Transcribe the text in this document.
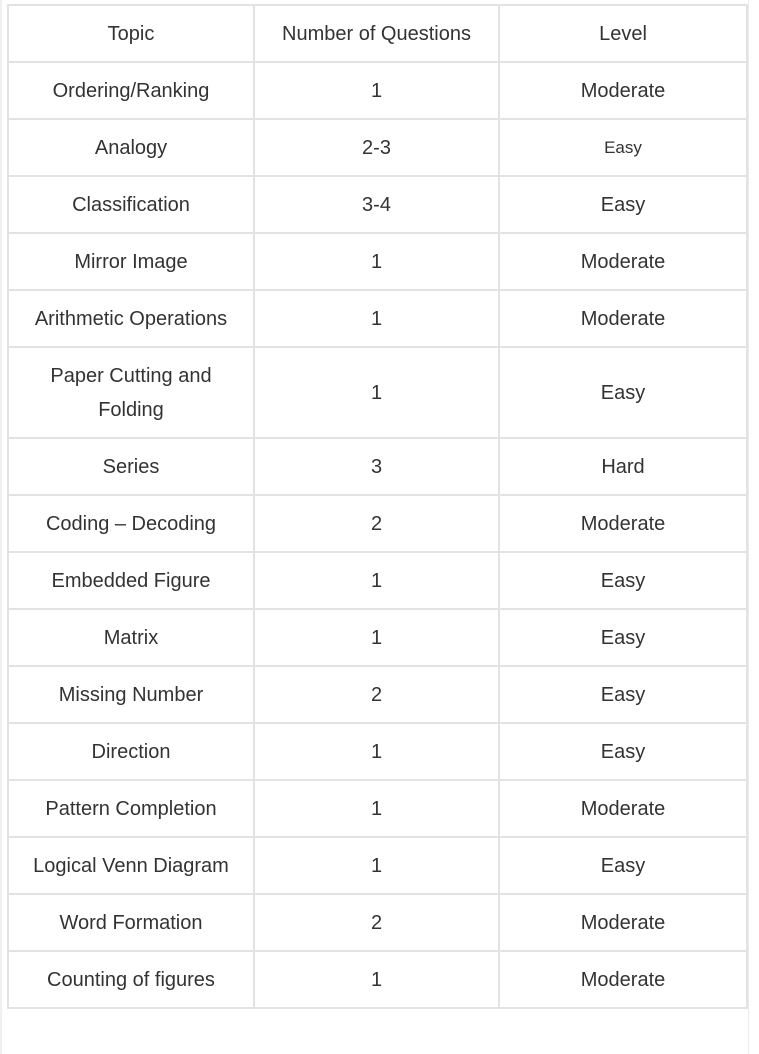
Topic	Number of Questions	Level
Ordering/Ranking	1	Moderate
Analogy	2-3	Easy
Classification	3-4	Easy
Mirror Image	1	Moderate
Arithmetic Operations	1	Moderate
Paper Cutting and Folding	1	Easy
Series	3	Hard
Coding – Decoding	2	Moderate
Embedded Figure	1	Easy
Matrix	1	Easy
Missing Number	2	Easy
Direction	1	Easy
Pattern Completion	1	Moderate
Logical Venn Diagram	1	Easy
Word Formation	2	Moderate
Counting of figures	1	Moderate
